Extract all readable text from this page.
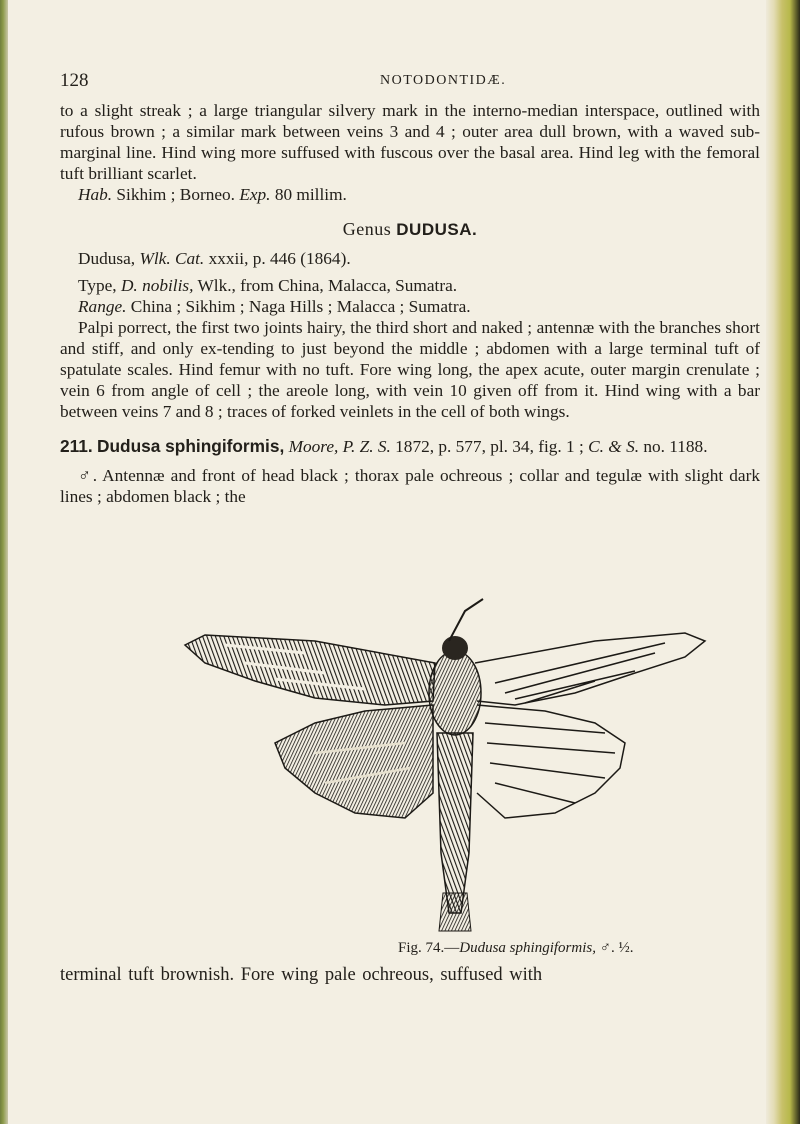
128	NOTODONTIDÆ.

to a slight streak ; a large triangular silvery mark in the interno-median interspace, outlined with rufous brown ; a similar mark between veins 3 and 4 ; outer area dull brown, with a waved sub-marginal line. Hind wing more suffused with fuscous over the basal area. Hind leg with the femoral tuft brilliant scarlet.

Hab. Sikhim ; Borneo. Exp. 80 millim.

Genus DUDUSA.

Dudusa, Wlk. Cat. xxxii, p. 446 (1864).

Type, D. nobilis, Wlk., from China, Malacca, Sumatra.

Range. China ; Sikhim ; Naga Hills ; Malacca ; Sumatra.

Palpi porrect, the first two joints hairy, the third short and naked ; antennæ with the branches short and stiff, and only ex-tending to just beyond the middle ; abdomen with a large terminal tuft of spatulate scales. Hind femur with no tuft. Fore wing long, the apex acute, outer margin crenulate ; vein 6 from angle of cell ; the areole long, with vein 10 given off from it. Hind wing with a bar between veins 7 and 8 ; traces of forked veinlets in the cell of both wings.

211. Dudusa sphingiformis, Moore, P. Z. S. 1872, p. 577, pl. 34, fig. 1 ; C. & S. no. 1188.

♂. Antennæ and front of head black ; thorax pale ochreous ; collar and tegulæ with slight dark lines ; abdomen black ; the

Fig. 74.—Dudusa sphingiformis, ♂. ½.
terminal tuft brownish. Fore wing pale ochreous, suffused with
